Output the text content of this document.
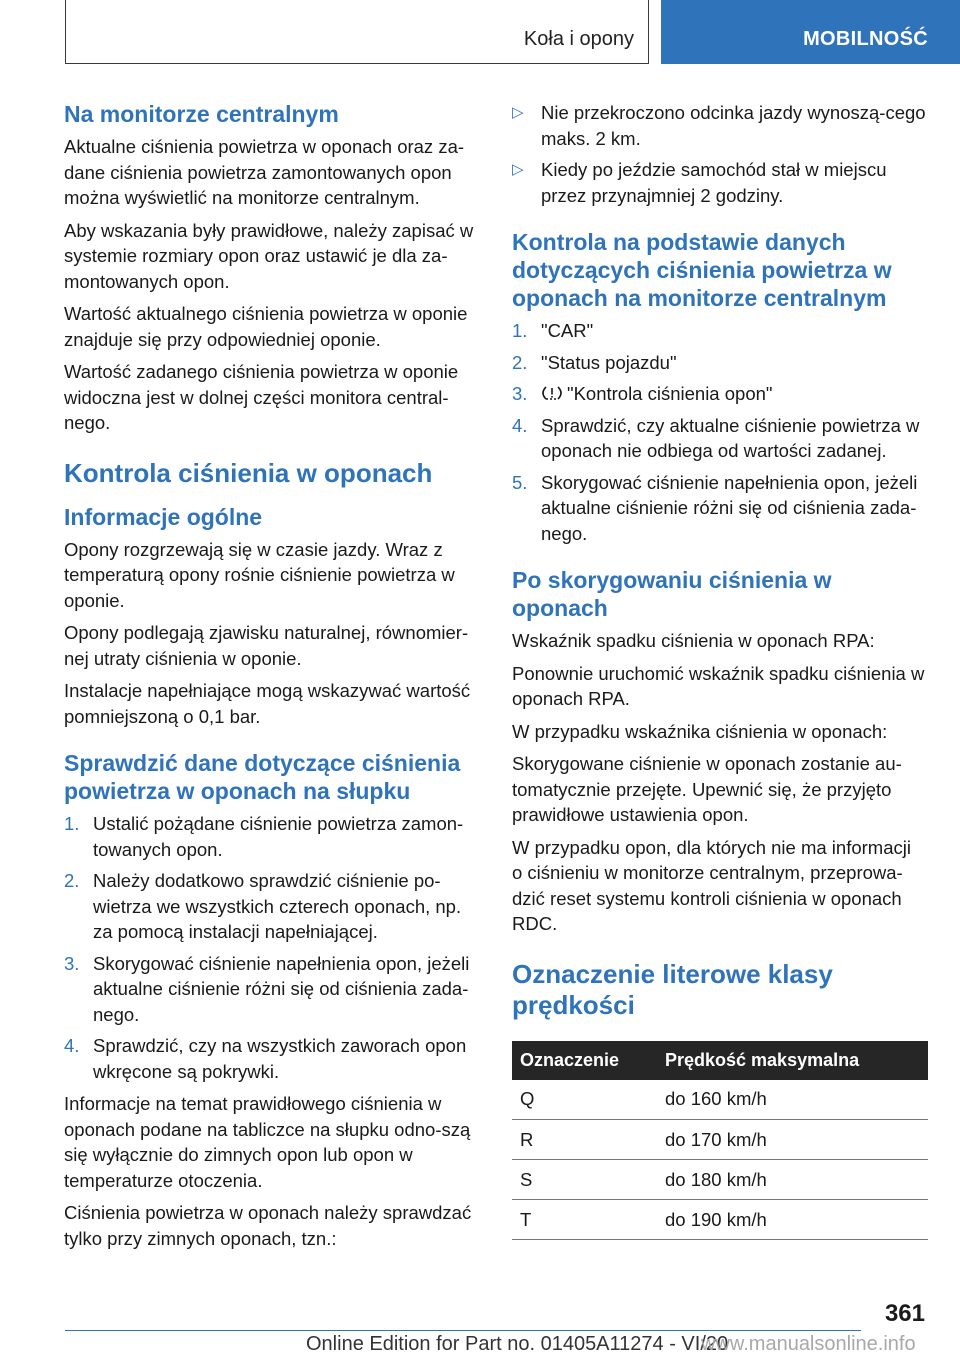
Koła i opony	MOBILNOŚĆ
Na monitorze centralnym

Aktualne ciśnienia powietrza w oponach oraz za-dane ciśnienia powietrza zamontowanych opon można wyświetlić na monitorze centralnym.

Aby wskazania były prawidłowe, należy zapisać w systemie rozmiary opon oraz ustawić je dla za-montowanych opon.

Wartość aktualnego ciśnienia powietrza w oponie znajduje się przy odpowiedniej oponie.

Wartość zadanego ciśnienia powietrza w oponie widoczna jest w dolnej części monitora central-nego.

Kontrola ciśnienia w oponach
Informacje ogólne

Opony rozgrzewają się w czasie jazdy. Wraz z temperaturą opony rośnie ciśnienie powietrza w oponie.

Opony podlegają zjawisku naturalnej, równomier-nej utraty ciśnienia w oponie.

Instalacje napełniające mogą wskazywać wartość pomniejszoną o 0,1 bar.

Sprawdzić dane dotyczące ciśnienia powietrza w oponach na słupku
1. Ustalić pożądane ciśnienie powietrza zamon-towanych opon.
2. Należy dodatkowo sprawdzić ciśnienie po-wietrza we wszystkich czterech oponach, np. za pomocą instalacji napełniającej.
3. Skorygować ciśnienie napełnienia opon, jeżeli aktualne ciśnienie różni się od ciśnienia zada-nego.
4. Sprawdzić, czy na wszystkich zaworach opon wkręcone są pokrywki.

Informacje na temat prawidłowego ciśnienia w oponach podane na tabliczce na słupku odno-szą się wyłącznie do zimnych opon lub opon w temperaturze otoczenia.

Ciśnienia powietrza w oponach należy sprawdzać tylko przy zimnych oponach, tzn.:

▷ Nie przekroczono odcinka jazdy wynoszą-cego maks. 2 km.
▷ Kiedy po jeździe samochód stał w miejscu przez przynajmniej 2 godziny.
Kontrola na podstawie danych dotyczących ciśnienia powietrza w oponach na monitorze centralnym
1. "CAR"
2. "Status pojazdu"
3. "Kontrola ciśnienia opon"
4. Sprawdzić, czy aktualne ciśnienie powietrza w oponach nie odbiega od wartości zadanej.
5. Skorygować ciśnienie napełnienia opon, jeżeli aktualne ciśnienie różni się od ciśnienia zada-nego.
Po skorygowaniu ciśnienia w oponach

Wskaźnik spadku ciśnienia w oponach RPA:

Ponownie uruchomić wskaźnik spadku ciśnienia w oponach RPA.

W przypadku wskaźnika ciśnienia w oponach:

Skorygowane ciśnienie w oponach zostanie au-tomatycznie przejęte. Upewnić się, że przyjęto prawidłowe ustawienia opon.

W przypadku opon, dla których nie ma informacji o ciśnieniu w monitorze centralnym, przeprowa-dzić reset systemu kontroli ciśnienia w oponach RDC.

Oznaczenie literowe klasy prędkości
Oznaczenie	Prędkość maksymalna
Q	do 160 km/h
R	do 170 km/h
S	do 180 km/h
T	do 190 km/h
361
Online Edition for Part no. 01405A11274 - VI/20
www.manualsonline.info
